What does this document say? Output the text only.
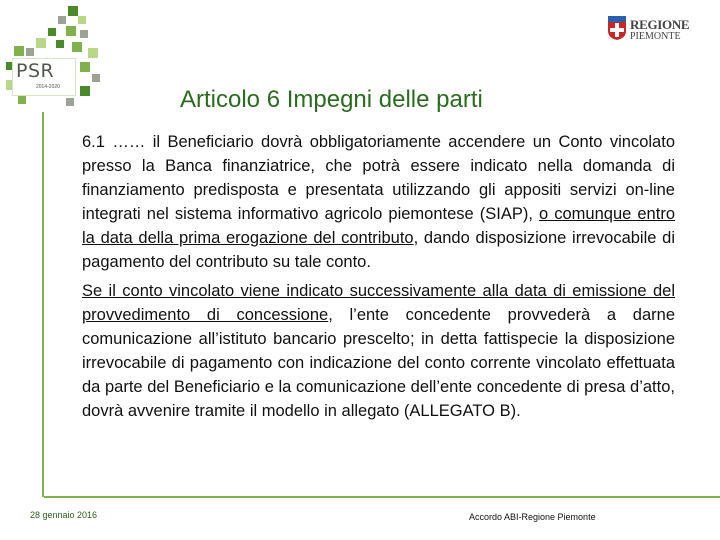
PSR
2014-2020
REGIONE
PIEMONTE
Articolo 6 Impegni delle parti

6.1 …… il Beneficiario dovrà obbligatoriamente accendere un Conto vincolato presso la Banca finanziatrice, che potrà essere indicato nella domanda di finanziamento predisposta e presentata utilizzando gli appositi servizi on-line integrati nel sistema informativo agricolo piemontese (SIAP), o comunque entro la data della prima erogazione del contributo, dando disposizione irrevocabile di pagamento del contributo su tale conto.

Se il conto vincolato viene indicato successivamente alla data di emissione del provvedimento di concessione, l’ente concedente provvederà a darne comunicazione all’istituto bancario prescelto; in detta fattispecie la disposizione irrevocabile di pagamento con indicazione del conto corrente vincolato effettuata da parte del Beneficiario e la comunicazione dell’ente concedente di presa d’atto, dovrà avvenire tramite il modello in allegato (ALLEGATO B).

28 gennaio 2016	Accordo ABI-Regione Piemonte
